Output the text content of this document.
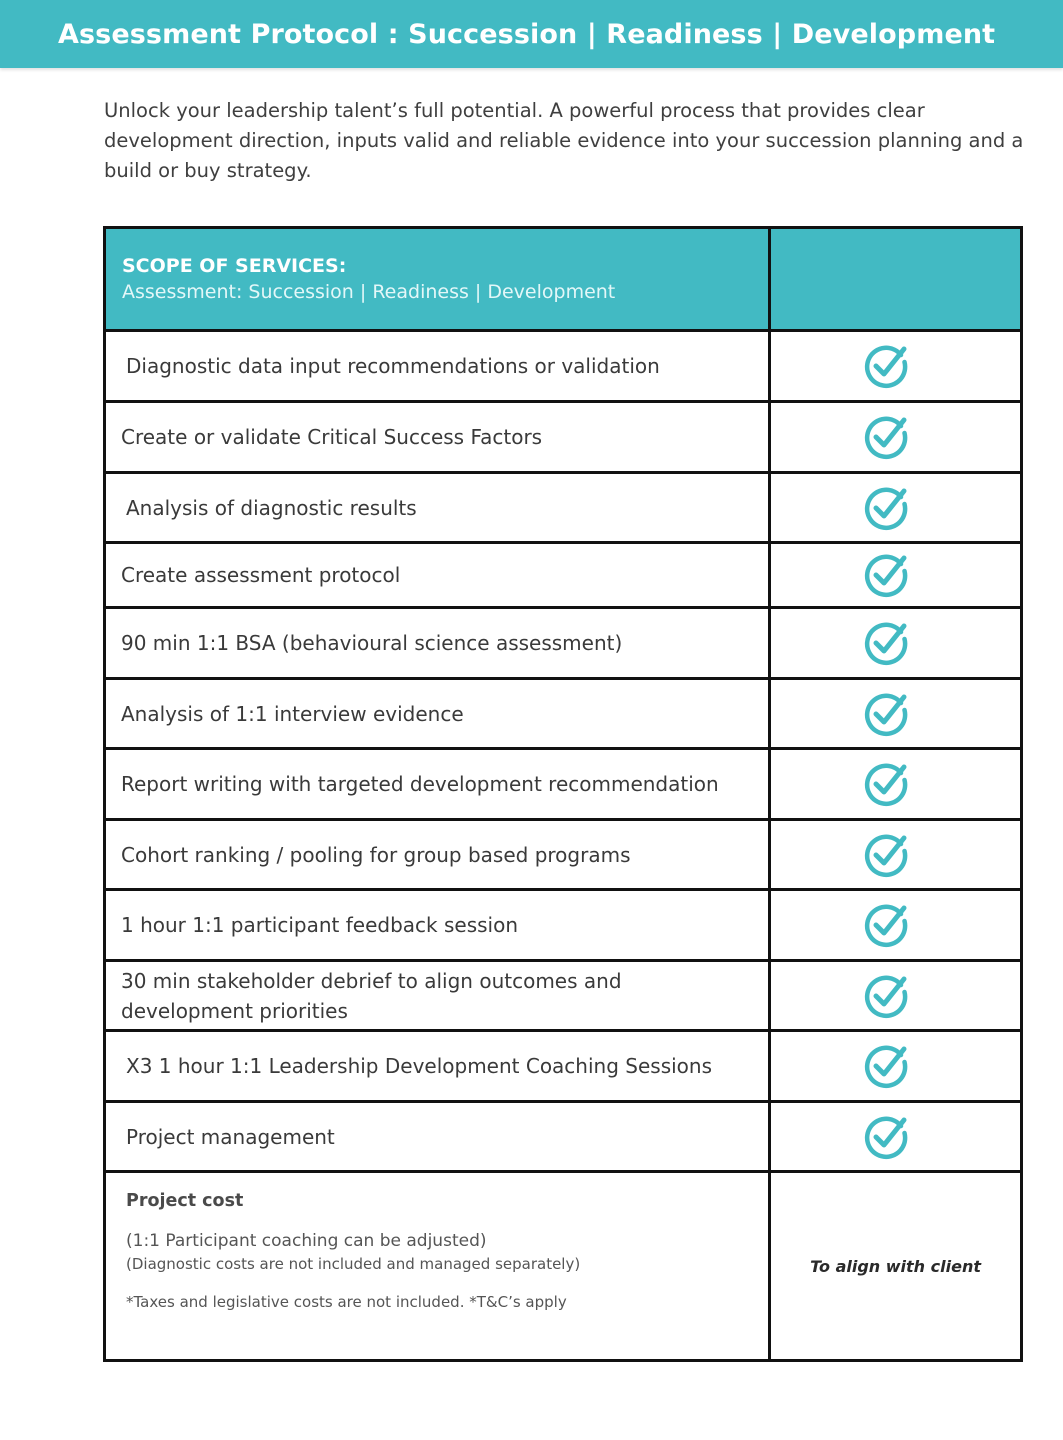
Assessment Protocol : Succession | Readiness | Development
Unlock your leadership talent’s full potential. A powerful process that provides clear development direction, inputs valid and reliable evidence into your succession planning and a build or buy strategy.
SCOPE OF SERVICES:
Assessment: Succession | Readiness | Development	

Diagnostic data input recommendations or validation	

Create or validate Critical Success Factors	

Analysis of diagnostic results	

Create assessment protocol	

90 min 1:1 BSA (behavioural science assessment)	

Analysis of 1:1 interview evidence	

Report writing with targeted development recommendation	

Cohort ranking / pooling for group based programs	

1 hour 1:1 participant feedback session	

30 min stakeholder debrief to align outcomes and development priorities	

X3 1 hour 1:1 Leadership Development Coaching Sessions	

Project management	

Project cost
(1:1 Participant coaching can be adjusted)
(Diagnostic costs are not included and managed separately)
*Taxes and legislative costs are not included. *T&C’s apply	To align with client
